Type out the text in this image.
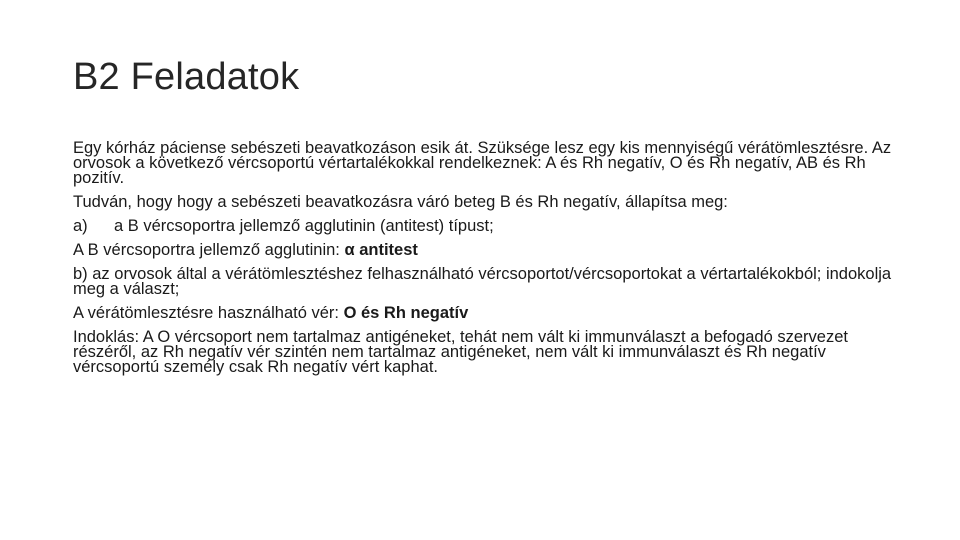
B2 Feladatok

Egy kórház páciense sebészeti beavatkozáson esik át. Szüksége lesz egy kis mennyiségű vérátömlesztésre. Az orvosok a következő vércsoportú vértartalékokkal rendelkeznek: A és Rh negatív, O és Rh negatív, AB és Rh pozitív.

Tudván, hogy hogy a sebészeti beavatkozásra váró beteg B és Rh negatív, állapítsa meg:

a) a B vércsoportra jellemző agglutinin (antitest) típust;

A B vércsoportra jellemző agglutinin: α antitest

b) az orvosok által a vérátömlesztéshez felhasználható vércsoportot/vércsoportokat a vértartalékokból; indokolja meg a választ;

A vérátömlesztésre használható vér: O és Rh negatív

Indoklás: A O vércsoport nem tartalmaz antigéneket, tehát nem vált ki immunválaszt a befogadó szervezet részéről, az Rh negatív vér szintén nem tartalmaz antigéneket, nem vált ki immunválaszt és Rh negatív vércsoportú személy csak Rh negatív vért kaphat.
